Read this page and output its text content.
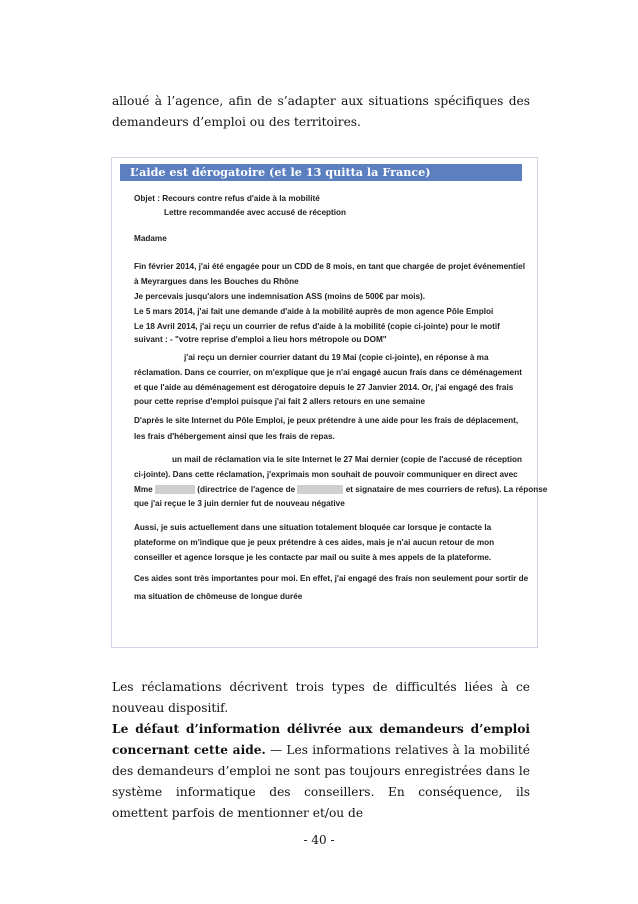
alloué à l’agence, afin de s’adapter aux situations spécifiques des demandeurs d’emploi ou des territoires.

L’aide est dérogatoire (et le 13 quitta la France)
Objet : Recours contre refus d'aide à la mobilité
Lettre recommandée avec accusé de réception
Madame
Fin février 2014, j'ai été engagée pour un CDD de 8 mois, en tant que chargée de projet événementiel
à Meyrargues dans les Bouches du Rhône
Je percevais jusqu'alors une indemnisation ASS (moins de 500€ par mois).
Le 5 mars 2014, j'ai fait une demande d'aide à la mobilité auprès de mon agence Pôle Emploi
Le 18 Avril 2014, j'ai reçu un courrier de refus d'aide à la mobilité (copie ci-jointe) pour le motif
suivant : - "votre reprise d'emploi a lieu hors métropole ou DOM"
j'ai reçu un dernier courrier datant du 19 Mai (copie ci-jointe), en réponse à ma
réclamation. Dans ce courrier, on m'explique que je n'ai engagé aucun frais dans ce déménagement
et que l'aide au déménagement est dérogatoire depuis le 27 Janvier 2014. Or, j'ai engagé des frais
pour cette reprise d'emploi puisque j'ai fait 2 allers retours en une semaine
D'après le site Internet du Pôle Emploi, je peux prétendre à une aide pour les frais de déplacement,
les frais d'hébergement ainsi que les frais de repas.
un mail de réclamation via le site Internet le 27 Mai dernier (copie de l'accusé de réception
ci-jointe). Dans cette réclamation, j'exprimais mon souhait de pouvoir communiquer en direct avec
Mme	(directrice de l'agence de	et signataire de mes courriers de refus). La réponse
que j'ai reçue le 3 juin dernier fut de nouveau négative
Aussi, je suis actuellement dans une situation totalement bloquée car lorsque je contacte la
plateforme on m'indique que je peux prétendre à ces aides, mais je n'ai aucun retour de mon
conseiller et agence lorsque je les contacte par mail ou suite à mes appels de la plateforme.
Ces aides sont très importantes pour moi. En effet, j'ai engagé des frais non seulement pour sortir de
ma situation de chômeuse de longue durée

Les réclamations décrivent trois types de difficultés liées à ce nouveau dispositif.

Le défaut d’information délivrée aux demandeurs d’emploi concernant cette aide. — Les informations relatives à la mobilité des demandeurs d’emploi ne sont pas toujours enregistrées dans le système informatique des conseillers. En conséquence, ils omettent parfois de mentionner et/ou de

- 40 -
